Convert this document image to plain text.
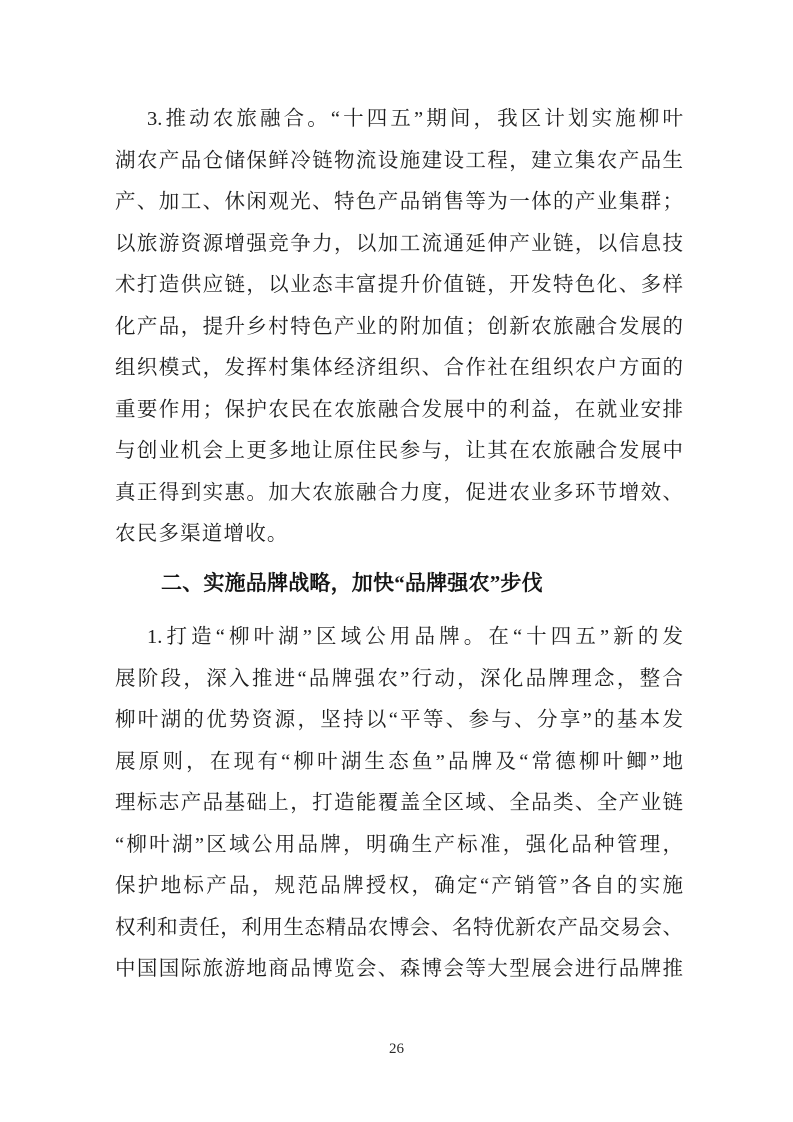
3.推动农旅融合。“十四五”期间，我区计划实施柳叶
湖农产品仓储保鲜冷链物流设施建设工程，建立集农产品生
产、加工、休闲观光、特色产品销售等为一体的产业集群；
以旅游资源增强竞争力，以加工流通延伸产业链，以信息技
术打造供应链，以业态丰富提升价值链，开发特色化、多样
化产品，提升乡村特色产业的附加值；创新农旅融合发展的
组织模式，发挥村集体经济组织、合作社在组织农户方面的
重要作用；保护农民在农旅融合发展中的利益，在就业安排
与创业机会上更多地让原住民参与，让其在农旅融合发展中
真正得到实惠。加大农旅融合力度，促进农业多环节增效、
农民多渠道增收。
二、实施品牌战略，加快“品牌强农”步伐
1.打造“柳叶湖”区域公用品牌。在“十四五”新的发
展阶段，深入推进“品牌强农”行动，深化品牌理念，整合
柳叶湖的优势资源，坚持以“平等、参与、分享”的基本发
展原则，在现有“柳叶湖生态鱼”品牌及“常德柳叶鲫”地
理标志产品基础上，打造能覆盖全区域、全品类、全产业链
“柳叶湖”区域公用品牌，明确生产标准，强化品种管理，
保护地标产品，规范品牌授权，确定“产销管”各自的实施
权利和责任，利用生态精品农博会、名特优新农产品交易会、
中国国际旅游地商品博览会、森博会等大型展会进行品牌推
26
